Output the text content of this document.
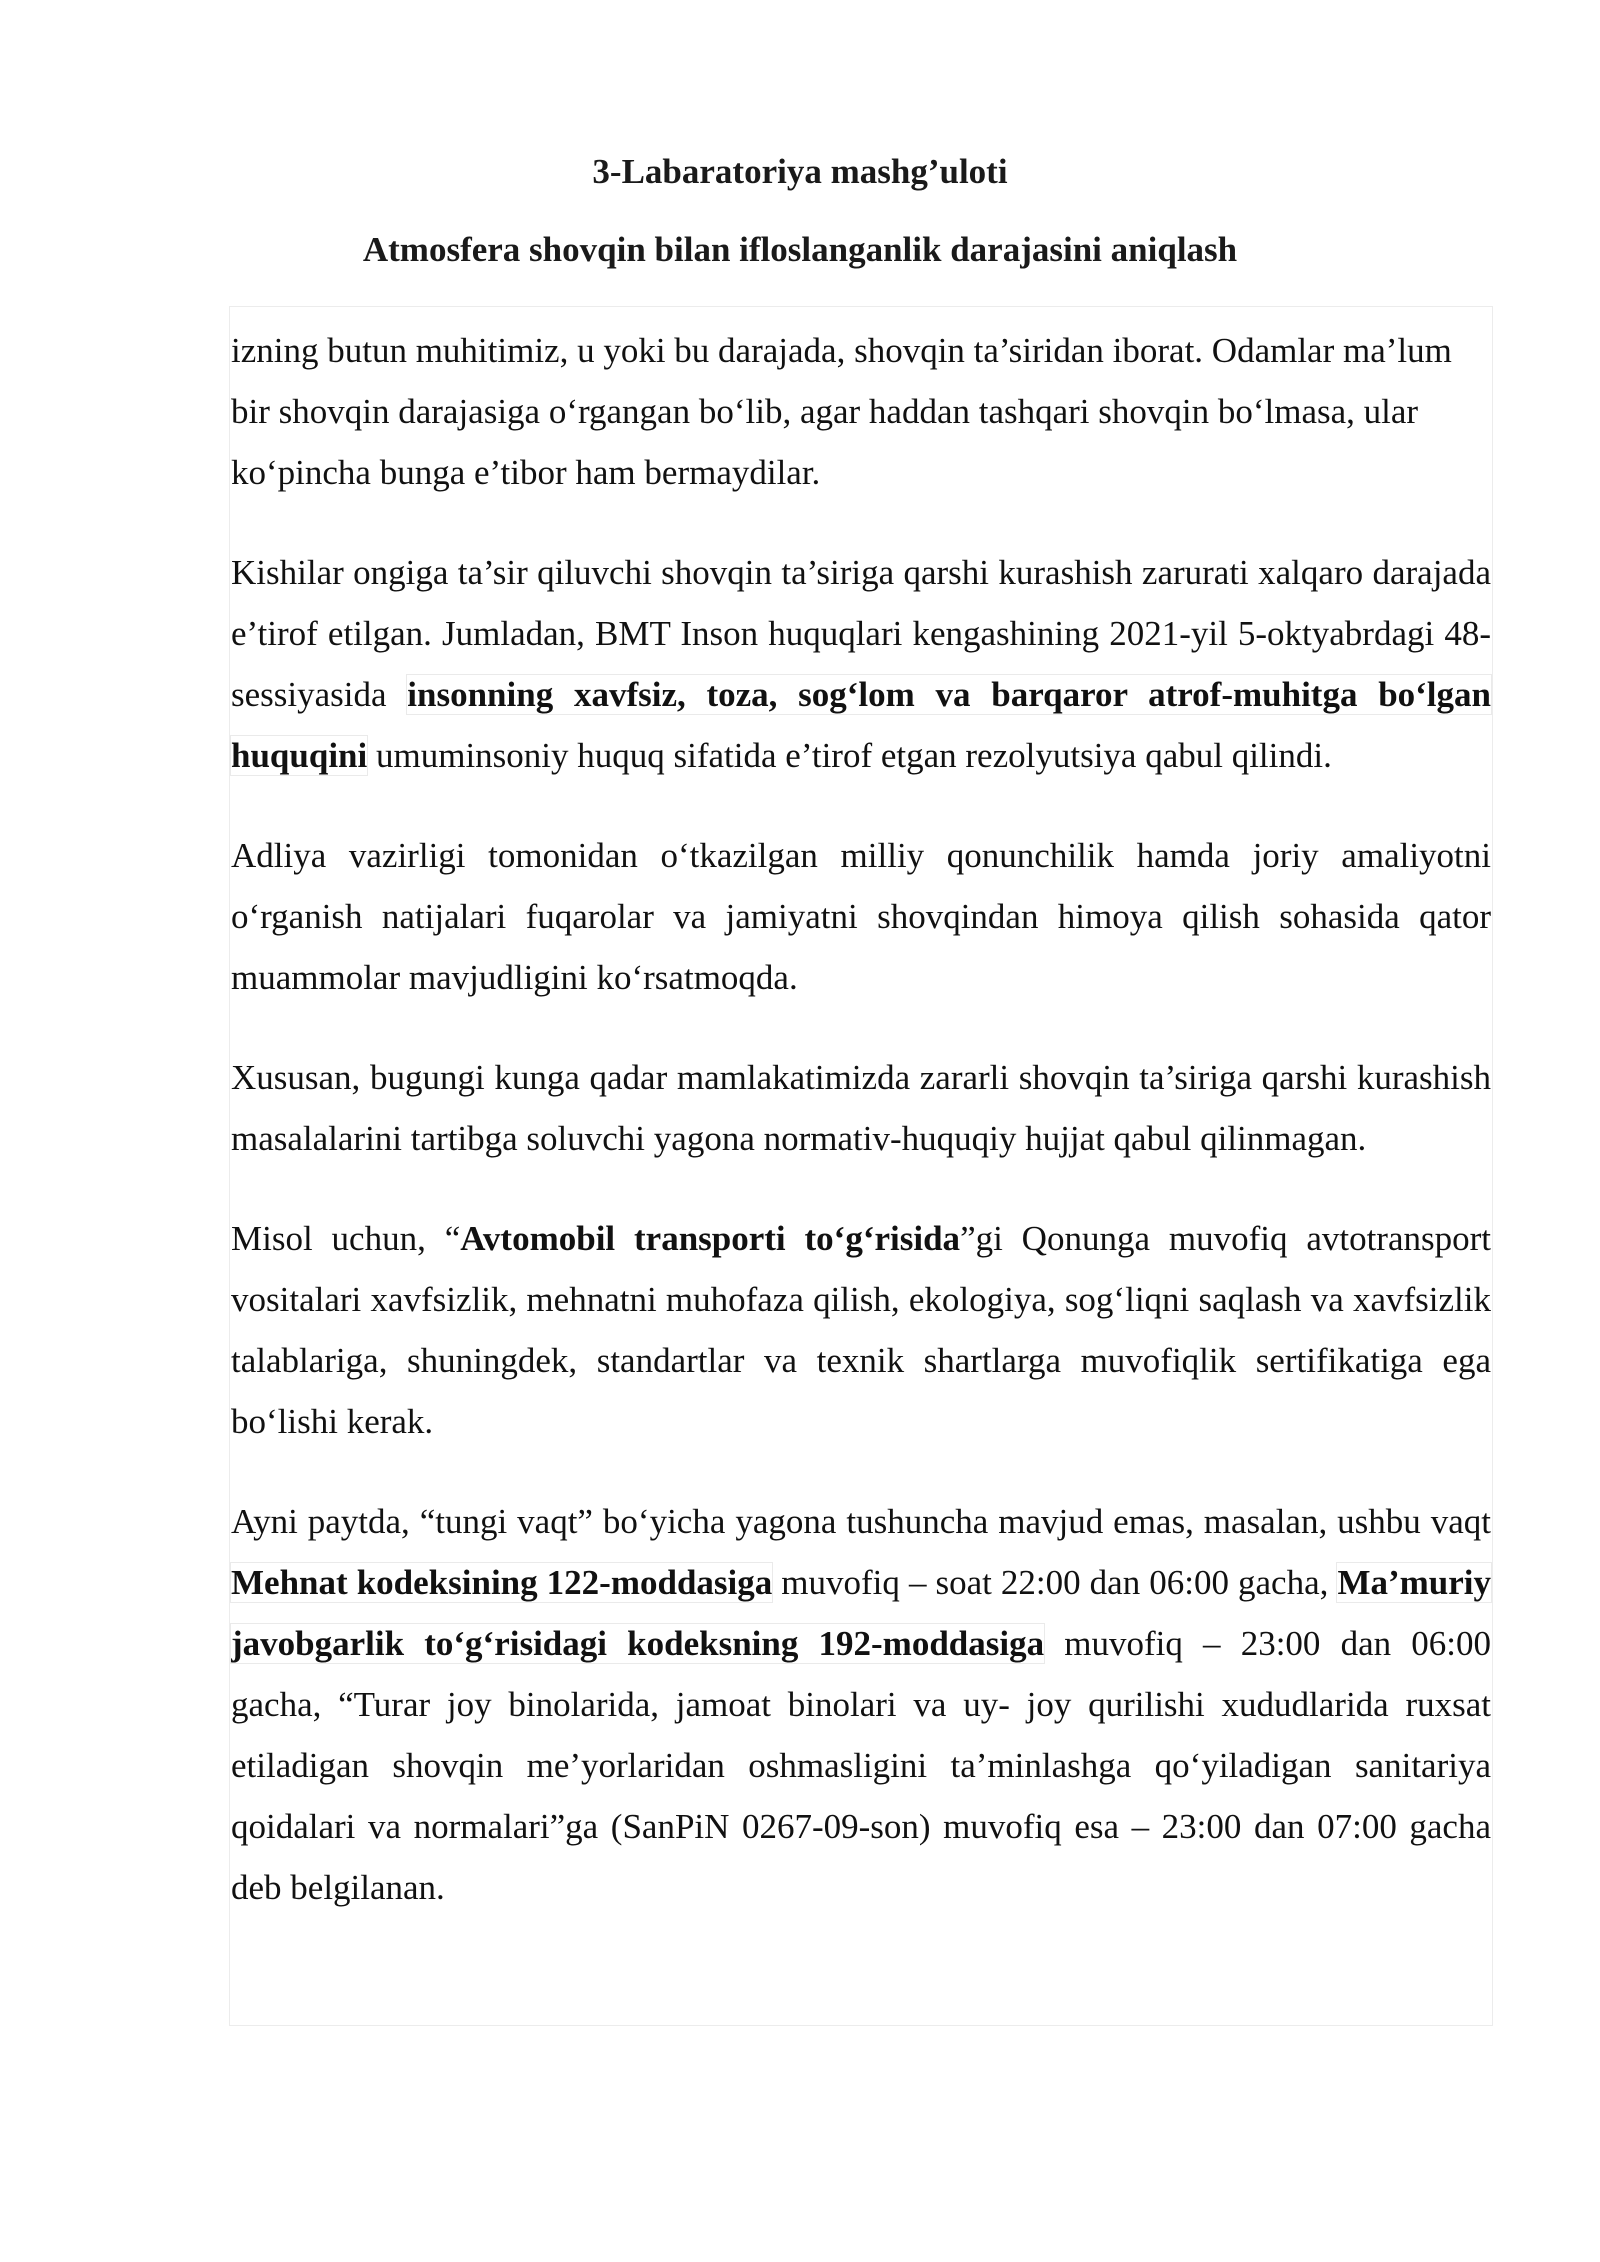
3-Labaratoriya mashg’uloti
Atmosfera shovqin bilan ifloslanganlik darajasini aniqlash

izning butun muhitimiz, u yoki bu darajada, shovqin ta’siridan iborat. Odamlar ma’lum bir shovqin darajasiga o‘rgangan bo‘lib, agar haddan tashqari shovqin bo‘lmasa, ular ko‘pincha bunga e’tibor ham bermaydilar.

Kishilar ongiga ta’sir qiluvchi shovqin ta’siriga qarshi kurashish zarurati xalqaro darajada e’tirof etilgan. Jumladan, BMT Inson huquqlari kengashining 2021-yil 5-oktyabrdagi 48-sessiyasida insonning xavfsiz, toza, sog‘lom va barqaror atrof-muhitga bo‘lgan huquqini umuminsoniy huquq sifatida e’tirof etgan rezolyutsiya qabul qilindi.

Adliya vazirligi tomonidan o‘tkazilgan milliy qonunchilik hamda joriy amaliyotni o‘rganish natijalari fuqarolar va jamiyatni shovqindan himoya qilish sohasida qator muammolar mavjudligini ko‘rsatmoqda.

Xususan, bugungi kunga qadar mamlakatimizda zararli shovqin ta’siriga qarshi kurashish masalalarini tartibga soluvchi yagona normativ-huquqiy hujjat qabul qilinmagan.

Misol uchun, “Avtomobil transporti to‘g‘risida”gi Qonunga muvofiq avtotransport vositalari xavfsizlik, mehnatni muhofaza qilish, ekologiya, sog‘liqni saqlash va xavfsizlik talablariga, shuningdek, standartlar va texnik shartlarga muvofiqlik sertifikatiga ega bo‘lishi kerak.

Ayni paytda, “tungi vaqt” bo‘yicha yagona tushuncha mavjud emas, masalan, ushbu vaqt Mehnat kodeksining 122-moddasiga muvofiq – soat 22:00 dan 06:00 gacha, Ma’muriy javobgarlik to‘g‘risidagi kodeksning 192-moddasiga muvofiq – 23:00 dan 06:00 gacha, “Turar joy binolarida, jamoat binolari va uy- joy qurilishi xududlarida ruxsat etiladigan shovqin me’yorlaridan oshmasligini ta’minlashga qo‘yiladigan sanitariya qoidalari va normalari”ga (SanPiN 0267-09-son) muvofiq esa – 23:00 dan 07:00 gacha deb belgilanan.
